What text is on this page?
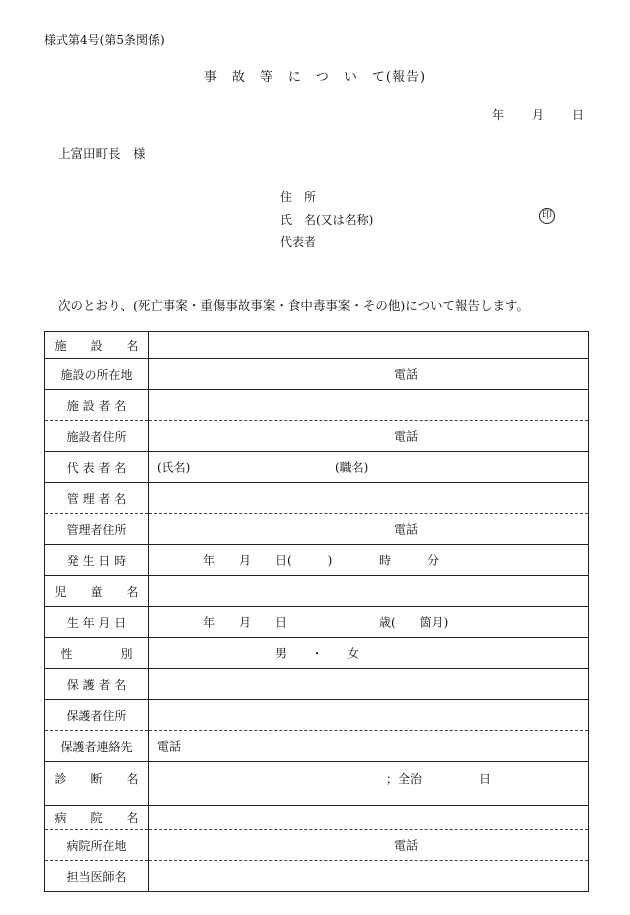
様式第4号(第5条関係)
事　故　等　に　つ　い　て(報告)
年 月 日
上富田町長　様
住　所
氏　名(又は名称)
代表者
印
次のとおり、(死亡事案・重傷事故事案・食中毒事案・その他)について報告します。
施　　設　　名	
施設の所在地	電話

施 設 者 名	
施設者住所	電話

代 表 者 名	(氏名) (職名)

管 理 者 名	
管理者住所	電話

発 生 日 時	年 月 日(　　　) 時 分

児　　童　　名	
生 年 月 日	年 月 日 歳(　　箇月)

性　　　　別	男 ・ 女

保 護 者 名	
保護者住所	
保護者連絡先	電話

診　　断　　名	；全治 日

病　　院　　名	
病院所在地	電話

担当医師名	
